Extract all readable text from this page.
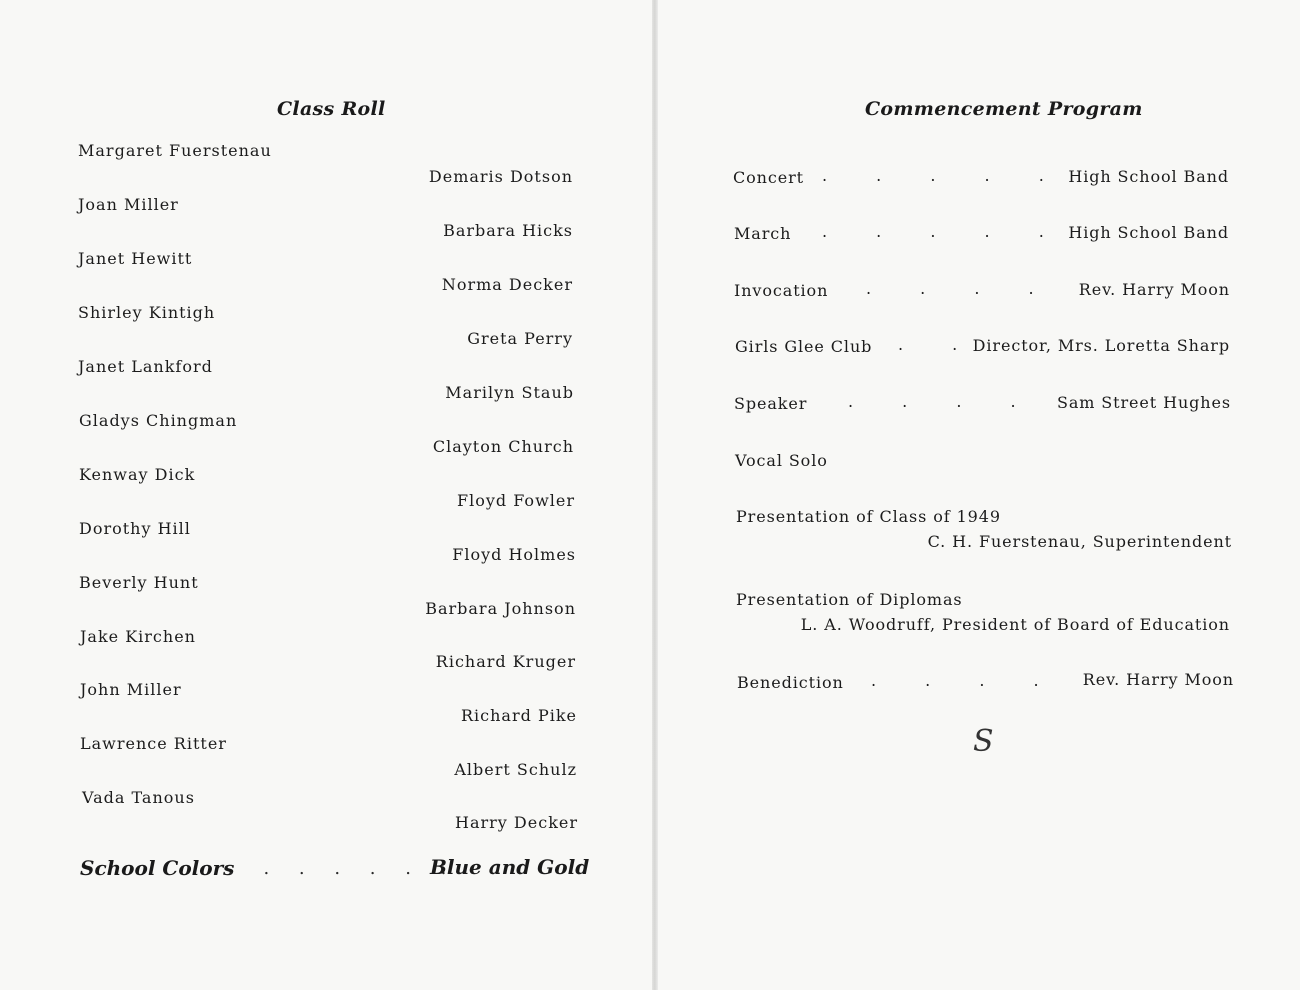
Class Roll
Margaret Fuerstenau
Joan Miller
Janet Hewitt
Shirley Kintigh
Janet Lankford
Gladys Chingman
Kenway Dick
Dorothy Hill
Beverly Hunt
Jake Kirchen
John Miller
Lawrence Ritter
Vada Tanous
Demaris Dotson
Barbara Hicks
Norma Decker
Greta Perry
Marilyn Staub
Clayton Church
Floyd Fowler
Floyd Holmes
Barbara Johnson
Richard Kruger
Richard Pike
Albert Schulz
Harry Decker
School Colors
. . . . . . .
Blue and Gold
Commencement Program
Concert . . . . . High School Band
March . . . . . High School Band
Invocation . . . . Rev. Harry Moon
Girls Glee Club . .
Director, Mrs. Loretta Sharp
Speaker	. . . . Sam Street Hughes
Vocal Solo
Presentation of Class of 1949
C. H. Fuerstenau, Superintendent
Presentation of Diplomas
L. A. Woodruff, President of Board of Education
Benediction . . . . Rev. Harry Moon
S
